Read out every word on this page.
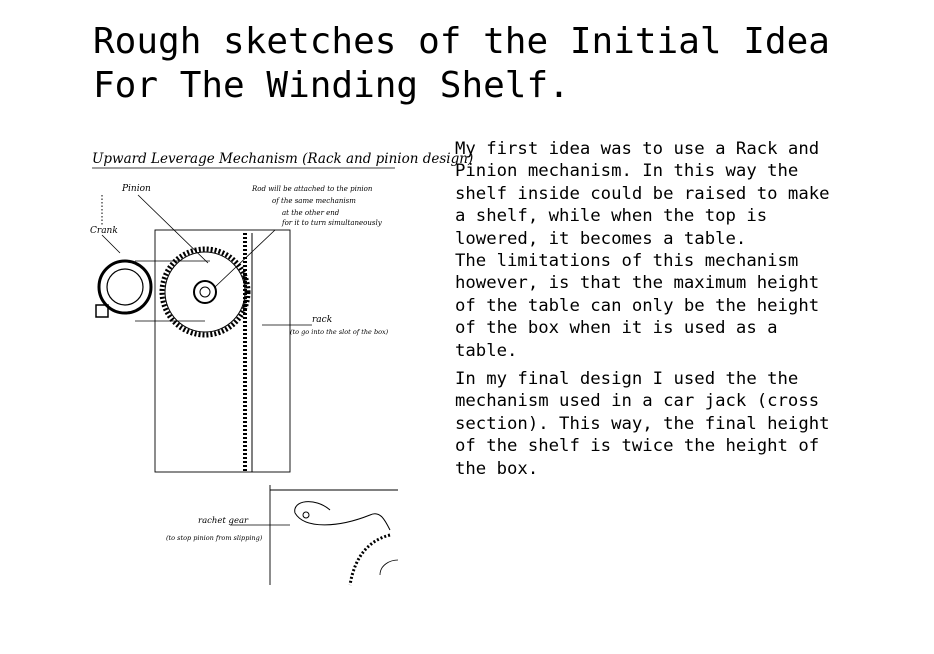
Rough sketches of the Initial Idea
For The Winding Shelf.
Upward Leverage Mechanism (Rack and pinion design)
Pinion
Crank
Rod will be attached to the pinion
of the same mechanism
at the other end
for it to turn simultaneously
rack
(to go into the slot of the box)
rachet gear
(to stop pinion from slipping)

My first idea was to use a Rack and
Pinion mechanism. In this way the
shelf inside could be raised to make
a shelf, while when the top is
lowered, it becomes a table.
The limitations of this mechanism
however, is that the maximum height
of the table can only be the height
of the box when it is used as a
table.

In my final design I used the the
mechanism used in a car jack (cross
section). This way, the final height
of the shelf is twice the height of
the box.
